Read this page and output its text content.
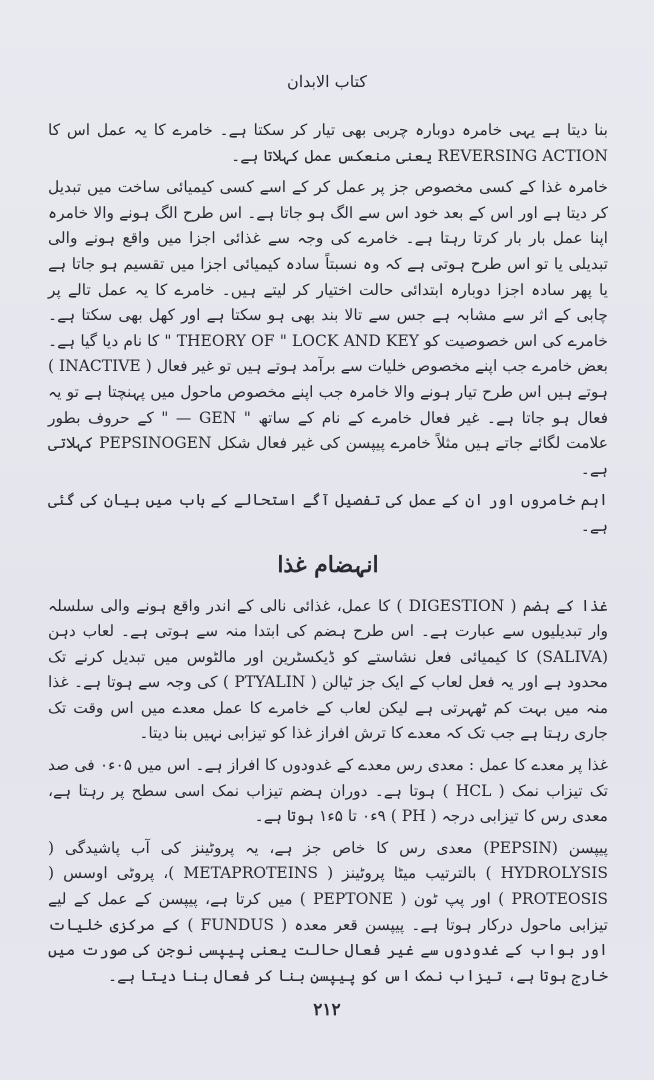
کتاب الابدان

بنا دیتا ہے یہی خامرہ دوبارہ چربی بھی تیار کر سکتا ہے۔ خامرے کا یہ عمل اس کا REVERSING ACTION یعنی منعکس عمل کہلاتا ہے۔

خامرہ غذا کے کسی مخصوص جز پر عمل کر کے اسے کسی کیمیائی ساخت میں تبدیل کر دیتا ہے اور اس کے بعد خود اس سے الگ ہو جاتا ہے۔ اس طرح الگ ہونے والا خامرہ اپنا عمل بار بار کرتا رہتا ہے۔ خامرے کی وجہ سے غذائی اجزا میں واقع ہونے والی تبدیلی یا تو اس طرح ہوتی ہے کہ وہ نسبتاً سادہ کیمیائی اجزا میں تقسیم ہو جاتا ہے یا پھر سادہ اجزا دوبارہ ابتدائی حالت اختیار کر لیتے ہیں۔ خامرے کا یہ عمل تالے پر چابی کے اثر سے مشابہ ہے جس سے تالا بند بھی ہو سکتا ہے اور کھل بھی سکتا ہے۔ خامرے کی اس خصوصیت کو THEORY OF " LOCK AND KEY " کا نام دیا گیا ہے۔ بعض خامرے جب اپنے مخصوص خلیات سے برآمد ہوتے ہیں تو غیر فعال ( INACTIVE ) ہوتے ہیں اس طرح تیار ہونے والا خامرہ جب اپنے مخصوص ماحول میں پہنچتا ہے تو یہ فعال ہو جاتا ہے۔ غیر فعال خامرے کے نام کے ساتھ " GEN — " کے حروف بطور علامت لگائے جاتے ہیں مثلاً خامرے پیپسن کی غیر فعال شکل PEPSINOGEN کہلاتی ہے۔

اہم خامروں اور ان کے عمل کی تفصیل آگے استحالے کے باب میں بیان کی گئی ہے۔

انہضام غذا

غذا کے ہضم ( DIGESTION ) کا عمل، غذائی نالی کے اندر واقع ہونے والی سلسلہ وار تبدیلیوں سے عبارت ہے۔ اس طرح ہضم کی ابتدا منہ سے ہوتی ہے۔ لعاب دہن (SALIVA) کا کیمیائی فعل نشاستے کو ڈیکسٹرین اور مالٹوس میں تبدیل کرنے تک محدود ہے اور یہ فعل لعاب کے ایک جز ٹیالن ( PTYALIN ) کی وجہ سے ہوتا ہے۔ غذا منہ میں بہت کم ٹھہرتی ہے لیکن لعاب کے خامرے کا عمل معدے میں اس وقت تک جاری رہتا ہے جب تک کہ معدے کا ترش افراز غذا کو تیزابی نہیں بنا دیتا۔

غذا پر معدے کا عمل : معدی رس معدے کے غدودوں کا افراز ہے۔ اس میں ۰۵ء۰ فی صد تک تیزاب نمک ( HCL ) ہوتا ہے۔ دوران ہضم تیزاب نمک اسی سطح پر رہتا ہے، معدی رس کا تیزابی درجہ ( PH ) ۹ء۰ تا ۵ء۱ ہوتا ہے۔

پیپسن (PEPSIN) معدی رس کا خاص جز ہے، یہ پروٹینز کی آب پاشیدگی ( HYDROLYSIS ) بالترتیب میٹا پروٹینز ( METAPROTEINS )، پروٹی اوسس ( PROTEOSIS ) اور پپ ٹون ( PEPTONE ) میں کرتا ہے، پیپسن کے عمل کے لیے تیزابی ماحول درکار ہوتا ہے۔ پیپسن قعر معدہ ( FUNDUS ) کے مرکزی خلیات اور بواب کے غدودوں سے غیر فعال حالت یعنی پیپسی نوجن کی صورت میں خارج ہوتا ہے، تیزاب نمک اس کو پیپسن بنا کر فعال بنا دیتا ہے۔

۲۱۲
